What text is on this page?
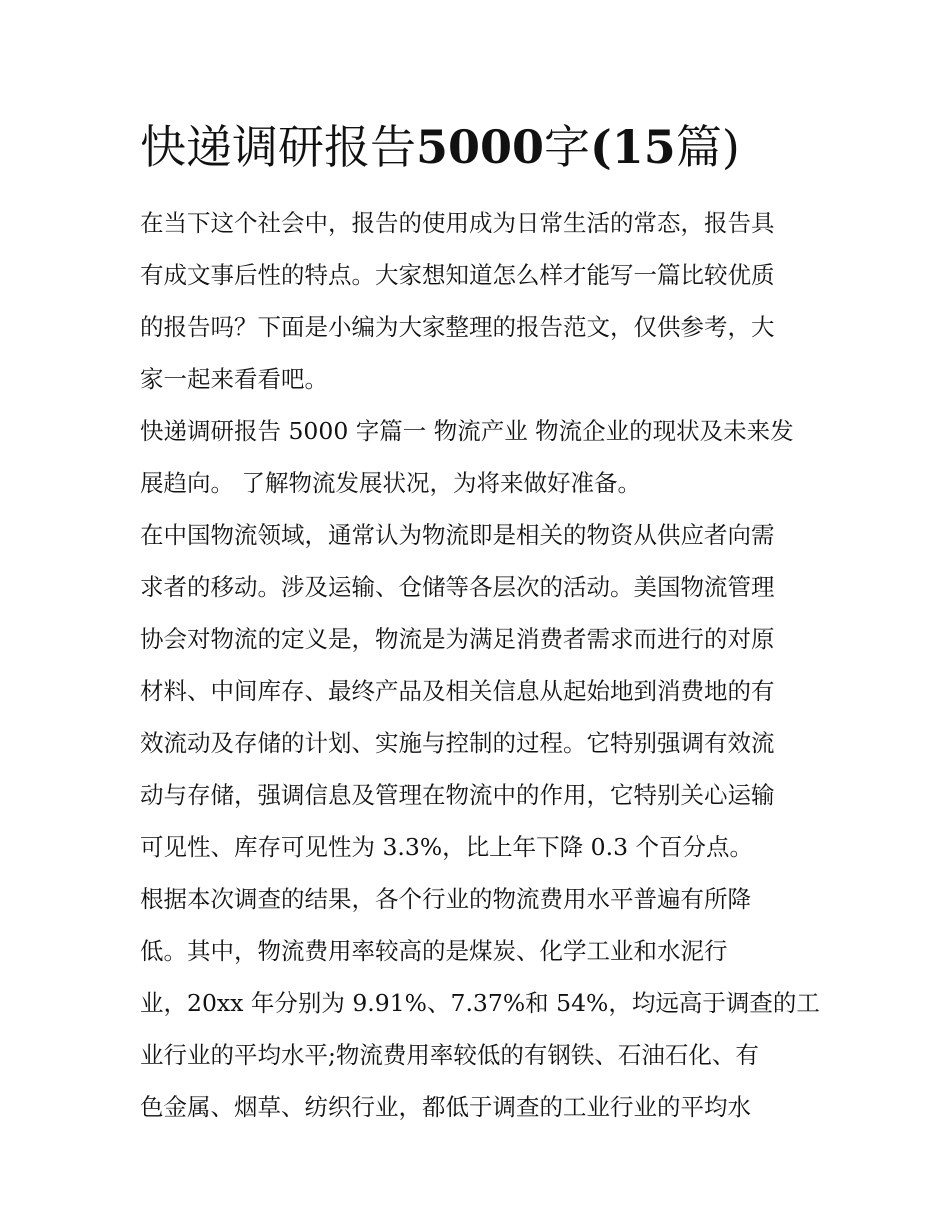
快递调研报告5000字(15篇)

在当下这个社会中，报告的使用成为日常生活的常态，报告具

有成文事后性的特点。大家想知道怎么样才能写一篇比较优质

的报告吗？下面是小编为大家整理的报告范文，仅供参考，大

家一起来看看吧。

快递调研报告 5000 字篇一 物流产业 物流企业的现状及未来发

展趋向。 了解物流发展状况，为将来做好准备。

在中国物流领域，通常认为物流即是相关的物资从供应者向需

求者的移动。涉及运输、仓储等各层次的活动。美国物流管理

协会对物流的定义是，物流是为满足消费者需求而进行的对原

材料、中间库存、最终产品及相关信息从起始地到消费地的有

效流动及存储的计划、实施与控制的过程。它特别强调有效流

动与存储，强调信息及管理在物流中的作用，它特别关心运输

可见性、库存可见性为 3.3%，比上年下降 0.3 个百分点。

根据本次调查的结果，各个行业的物流费用水平普遍有所降

低。其中，物流费用率较高的是煤炭、化学工业和水泥行

业，20xx 年分别为 9.91%、7.37%和 54%，均远高于调查的工

业行业的平均水平;物流费用率较低的有钢铁、石油石化、有

色金属、烟草、纺织行业，都低于调查的工业行业的平均水
